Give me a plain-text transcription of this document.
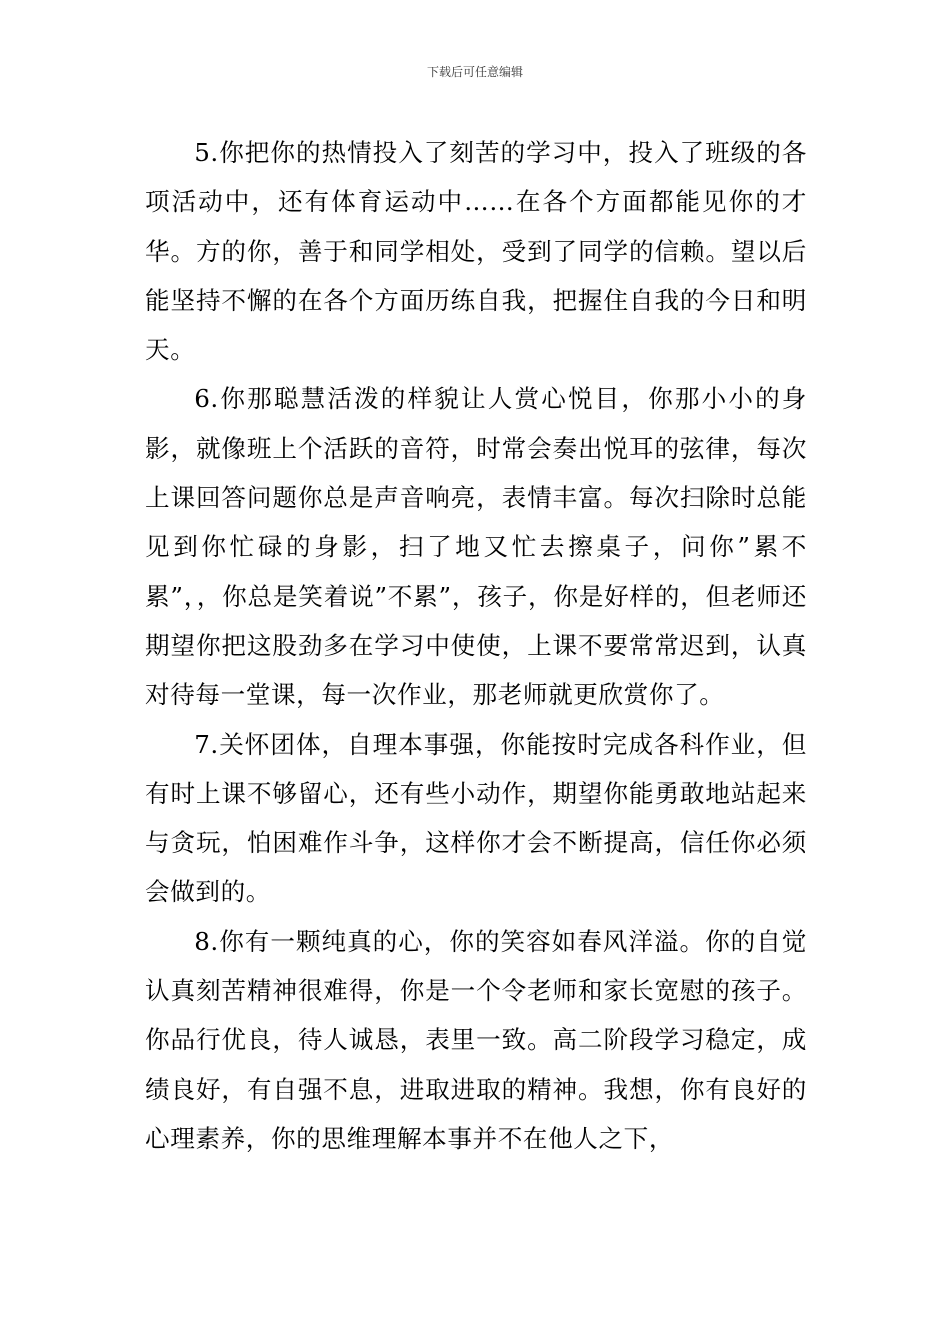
下载后可任意编辑

5.你把你的热情投入了刻苦的学习中，投入了班级的各项活动中，还有体育运动中……在各个方面都能见你的才华。方的你，善于和同学相处，受到了同学的信赖。望以后能坚持不懈的在各个方面历练自我，把握住自我的今日和明天。

6.你那聪慧活泼的样貌让人赏心悦目，你那小小的身影，就像班上个活跃的音符，时常会奏出悦耳的弦律，每次上课回答问题你总是声音响亮，表情丰富。每次扫除时总能见到你忙碌的身影，扫了地又忙去擦桌子，问你”累不累”，，你总是笑着说”不累”，孩子，你是好样的，但老师还期望你把这股劲多在学习中使使，上课不要常常迟到，认真对待每一堂课，每一次作业，那老师就更欣赏你了。

7.关怀团体，自理本事强，你能按时完成各科作业，但有时上课不够留心，还有些小动作，期望你能勇敢地站起来与贪玩，怕困难作斗争，这样你才会不断提高，信任你必须会做到的。

8.你有一颗纯真的心，你的笑容如春风洋溢。你的自觉认真刻苦精神很难得，你是一个令老师和家长宽慰的孩子。你品行优良，待人诚恳，表里一致。高二阶段学习稳定，成绩良好，有自强不息，进取进取的精神。我想，你有良好的心理素养，你的思维理解本事并不在他人之下，
